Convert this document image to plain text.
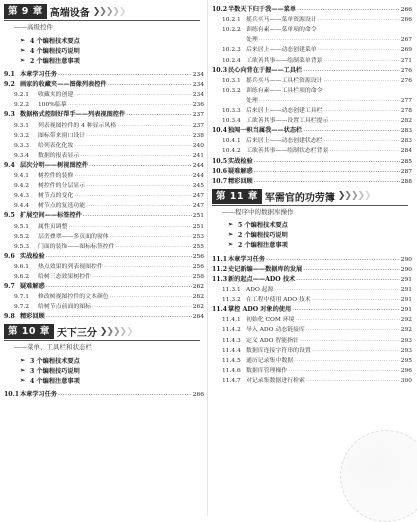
第 9 章 高端设备 ❯❯❯❯❯
——高级控件
➢ 4 个编程技术要点
➢ 4 个编程技巧说明
➢ 2 个编程注意事项
9.1 本章学习任务 ·····	234
9.2 画家的收藏夹——图像列表控件 ·····	234
9.2.1	收藏夹的创建 ·····	234
9.2.2	100%临摹 ·····	236
9.3 数据格式控制好帮手——列表视图控件 ·····	237
9.3.1	列表视图控件的 4 种显示风格 ·····	237
9.3.2	图标带来窗口设计 ·····	238
9.3.3	给列表化化妆 ·····	240
9.3.4	数据的报表显示 ·····	241
9.4 层次分明——树视图控件 ·····	244
9.4.1	树控件的装修 ·····	244
9.4.2	树控件的分层显示 ·····	245
9.4.3	树节点的变化 ·····	247
9.4.4	树节点的复选功能 ·····	247
9.5 扩展空间——标签控件 ·····	251
9.5.1	属性页调整 ·····	251
9.5.2	层峦叠翠——多页面的窗体 ·····	253
9.5.3	门面的装饰——图标标签控件 ·····	255
9.6 实战检验 ·····	256
9.6.1	热点效果的列表视图控件 ·····	256
9.6.2	给树三态效果树控件 ·····	258
9.7 疑难解惑 ·····	262
9.7.1	修改树视图控件的文本颜色 ·····	262
9.7.2	给树节点前面的图标 ·····	262
9.8 精彩回顾 ·····	264
第 10 章 天下三分 ❯❯❯❯❯
——菜单、工具栏和状态栏
➢ 3 个编程技术要点
➢ 3 个编程技巧说明
➢ 4 个编程注意事项
10.1 本章学习任务 ·····	266
10.2 半数天下归于我——菜单 ·····	266
10.2.1 摇兵买马——菜单资源设计 ·····	266
10.2.2 训练有素——菜单项的命令
处理 ·····	267
10.2.3 后来居上——动态创建菜单 ·····	269
10.2.4 工欲善其事——绘制菜单背景 ·····	271
10.3 民心向背在于握——工具栏 ·····	276
10.3.1 摇兵买马——工具栏资源设计 ·····	276
10.3.2 训练有素——工具栏项的命令
处理 ·····	277
10.3.3 后来居上——动态创建工具栏 ·····	278
10.3.4 工欲善其事——设置工具栏提示 ·····	282
10.4 独闯一帜当属我——状态栏 ·····	283
10.4.1 后来居上——动态创建状态栏 ·····	283
10.4.2 工欲善其事——绘制状态栏背景 ·····	284
10.5 实战检验 ·····	285
10.6 疑难解惑 ·····	287
10.7 精彩回顾 ·····	288
第 11 章 军需官的功劳簿 ❯❯❯❯❯
——程序中的数据库操作
➢ 5 个编程技术要点
➢ 2 个编程技巧说明
➢ 2 个编程注意事项
11.1 本章学习任务 ·····	290
11.2 史记新编——数据库的发展 ·····	290
11.3 新的起点——ADO 技术 ·····	291
11.3.1 ADO 起源 ·····	291
11.3.2 在工程中使用 ADO 技术 ·····	291
11.4 掌控 ADO 对象的使用 ·····	291
11.4.1 初始化 COM 环境 ·····	292
11.4.2 导入 ADO 动态链接库 ·····	292
11.4.3 定义 ADO 智能指针 ·····	293
11.4.4 数据库连接字符串的设置 ·····	293
11.4.5 通历记录集中数据 ·····	295
11.4.6 数据库管理操作 ·····	296
11.4.7 对记录集数据进行检索 ·····	300
